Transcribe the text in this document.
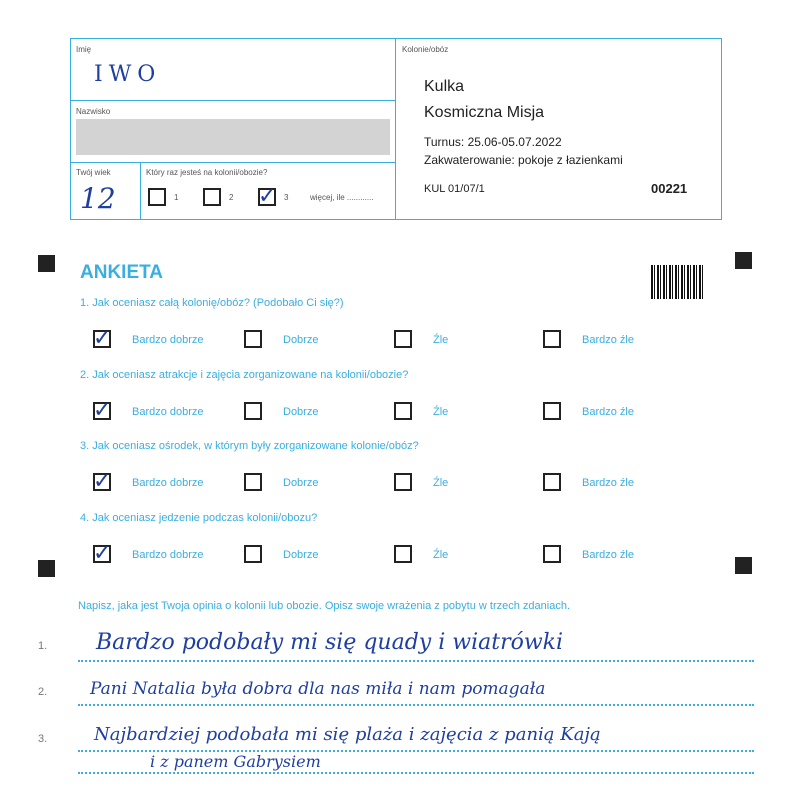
Imię
IWO
Nazwisko
Twój wiek
12
Który raz jesteś na kolonii/obozie?
1	2 ✓ 3	więcej, ile ............
Kolonie/obóz
Kulka
Kosmiczna Misja
Turnus: 25.06-05.07.2022
Zakwaterowanie: pokoje z łazienkami
KUL 01/07/1	00221
ANKIETA
1. Jak oceniasz całą kolonię/obóz? (Podobało Ci się?)
✓ Bardzo dobrze	Dobrze	Źle	Bardzo źle
2. Jak oceniasz atrakcje i zajęcia zorganizowane na kolonii/obozie?
✓ Bardzo dobrze	Dobrze	Źle	Bardzo źle
3. Jak oceniasz ośrodek, w którym były zorganizowane kolonie/obóz?
✓ Bardzo dobrze	Dobrze	Źle	Bardzo źle
4. Jak oceniasz jedzenie podczas kolonii/obozu?
✓ Bardzo dobrze	Dobrze	Źle	Bardzo źle
Napisz, jaka jest Twoja opinia o kolonii lub obozie. Opisz swoje wrażenia z pobytu w trzech zdaniach.
1. Bardzo podobały mi się quady i wiatrówki
2.	Pani Natalia była dobra dla nas miła i nam pomagała
3.	Najbardziej podobała mi się plaża i zajęcia z panią Kają
i z panem Gabrysiem
